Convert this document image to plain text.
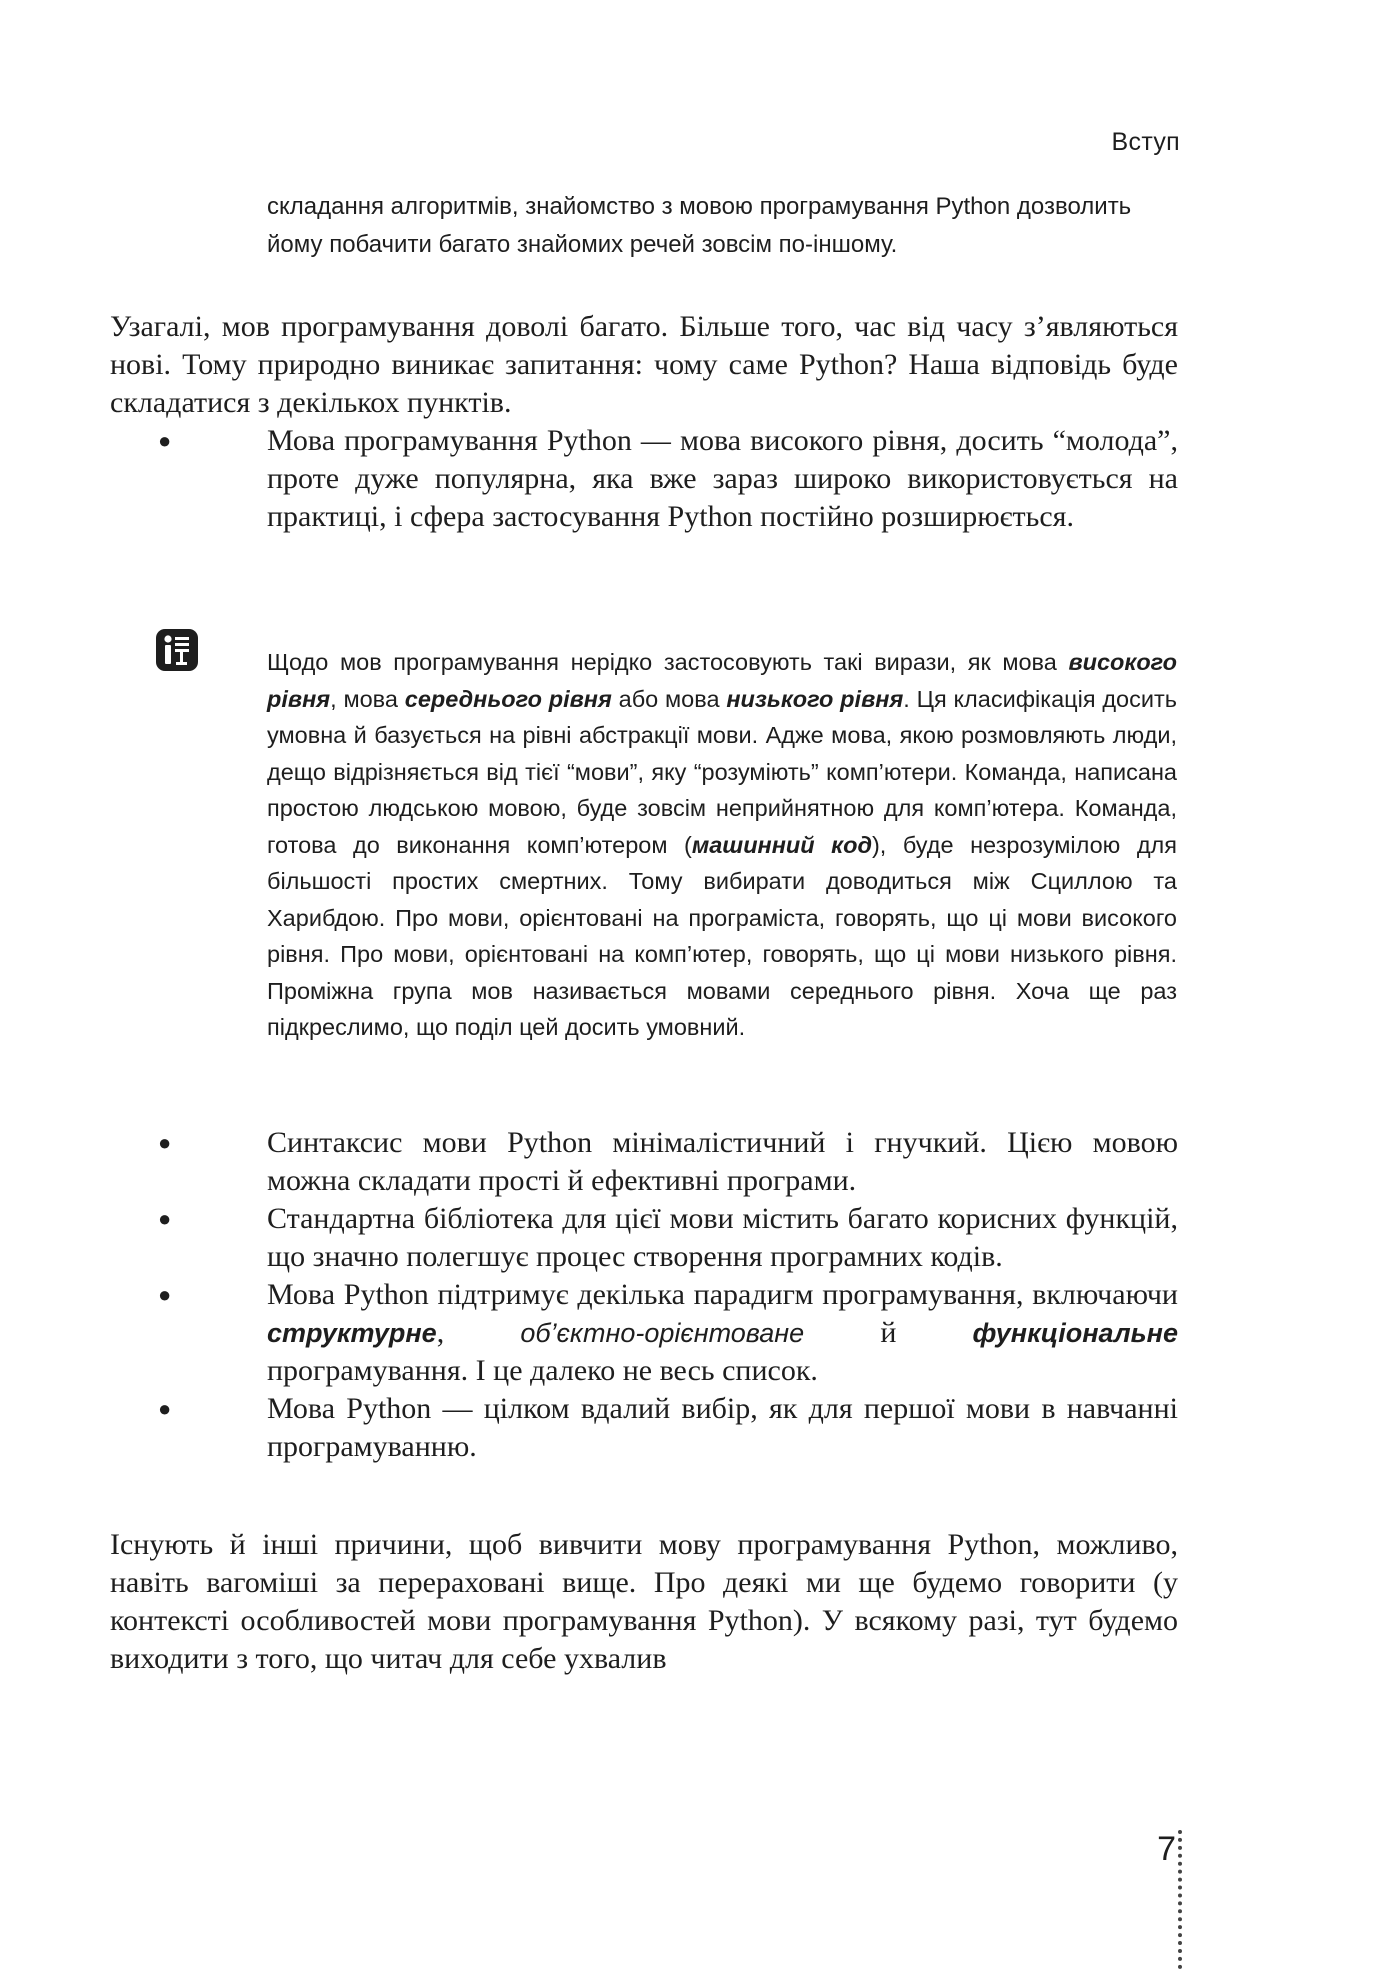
Вступ
складання алгоритмів, знайомство з мовою програмування Python дозволить йому побачити багато знайомих речей зовсім по-іншому.
Узагалі, мов програмування доволі багато. Більше того, час від часу з’являються нові. Тому природно виникає запитання: чому саме Python? Наша відповідь буде складатися з декількох пунктів.
●	Мова програмування Python — мова високого рівня, досить “молода”, проте дуже популярна, яка вже зараз широко використовується на практиці, і сфера застосування Python постійно розширюється.
Щодо мов програмування нерідко застосовують такі вирази, як мова високого рівня, мова середнього рівня або мова низького рівня. Ця класифікація досить умовна й базується на рівні абстракції мови. Адже мова, якою розмовляють люди, дещо відрізняється від тієї “мови”, яку “розуміють” комп’ютери. Команда, написана простою людською мовою, буде зовсім неприйнятною для комп’ютера. Команда, готова до виконання комп’ютером (машинний код), буде незрозумілою для більшості простих смертних. Тому вибирати доводиться між Сциллою та Харибдою. Про мови, орієнтовані на програміста, говорять, що ці мови високого рівня. Про мови, орієнтовані на комп’ютер, говорять, що ці мови низького рівня. Проміжна група мов називається мовами середнього рівня. Хоча ще раз підкреслимо, що поділ цей досить умовний.
●	Синтаксис мови Python мінімалістичний і гнучкий. Цією мовою можна складати прості й ефективні програми.
●	Стандартна бібліотека для цієї мови містить багато корисних функцій, що значно полегшує процес створення програмних кодів.
●	Мова Python підтримує декілька парадигм програмування, включаючи структурне, об’єктно-орієнтоване й функціональне програмування. І це далеко не весь список.
●	Мова Python — цілком вдалий вибір, як для першої мови в навчанні програмуванню.
Існують й інші причини, щоб вивчити мову програмування Python, можливо, навіть вагоміші за перераховані вище. Про деякі ми ще будемо говорити (у контексті особливостей мови програмування Python). У всякому разі, тут будемо виходити з того, що читач для себе ухвалив
7
